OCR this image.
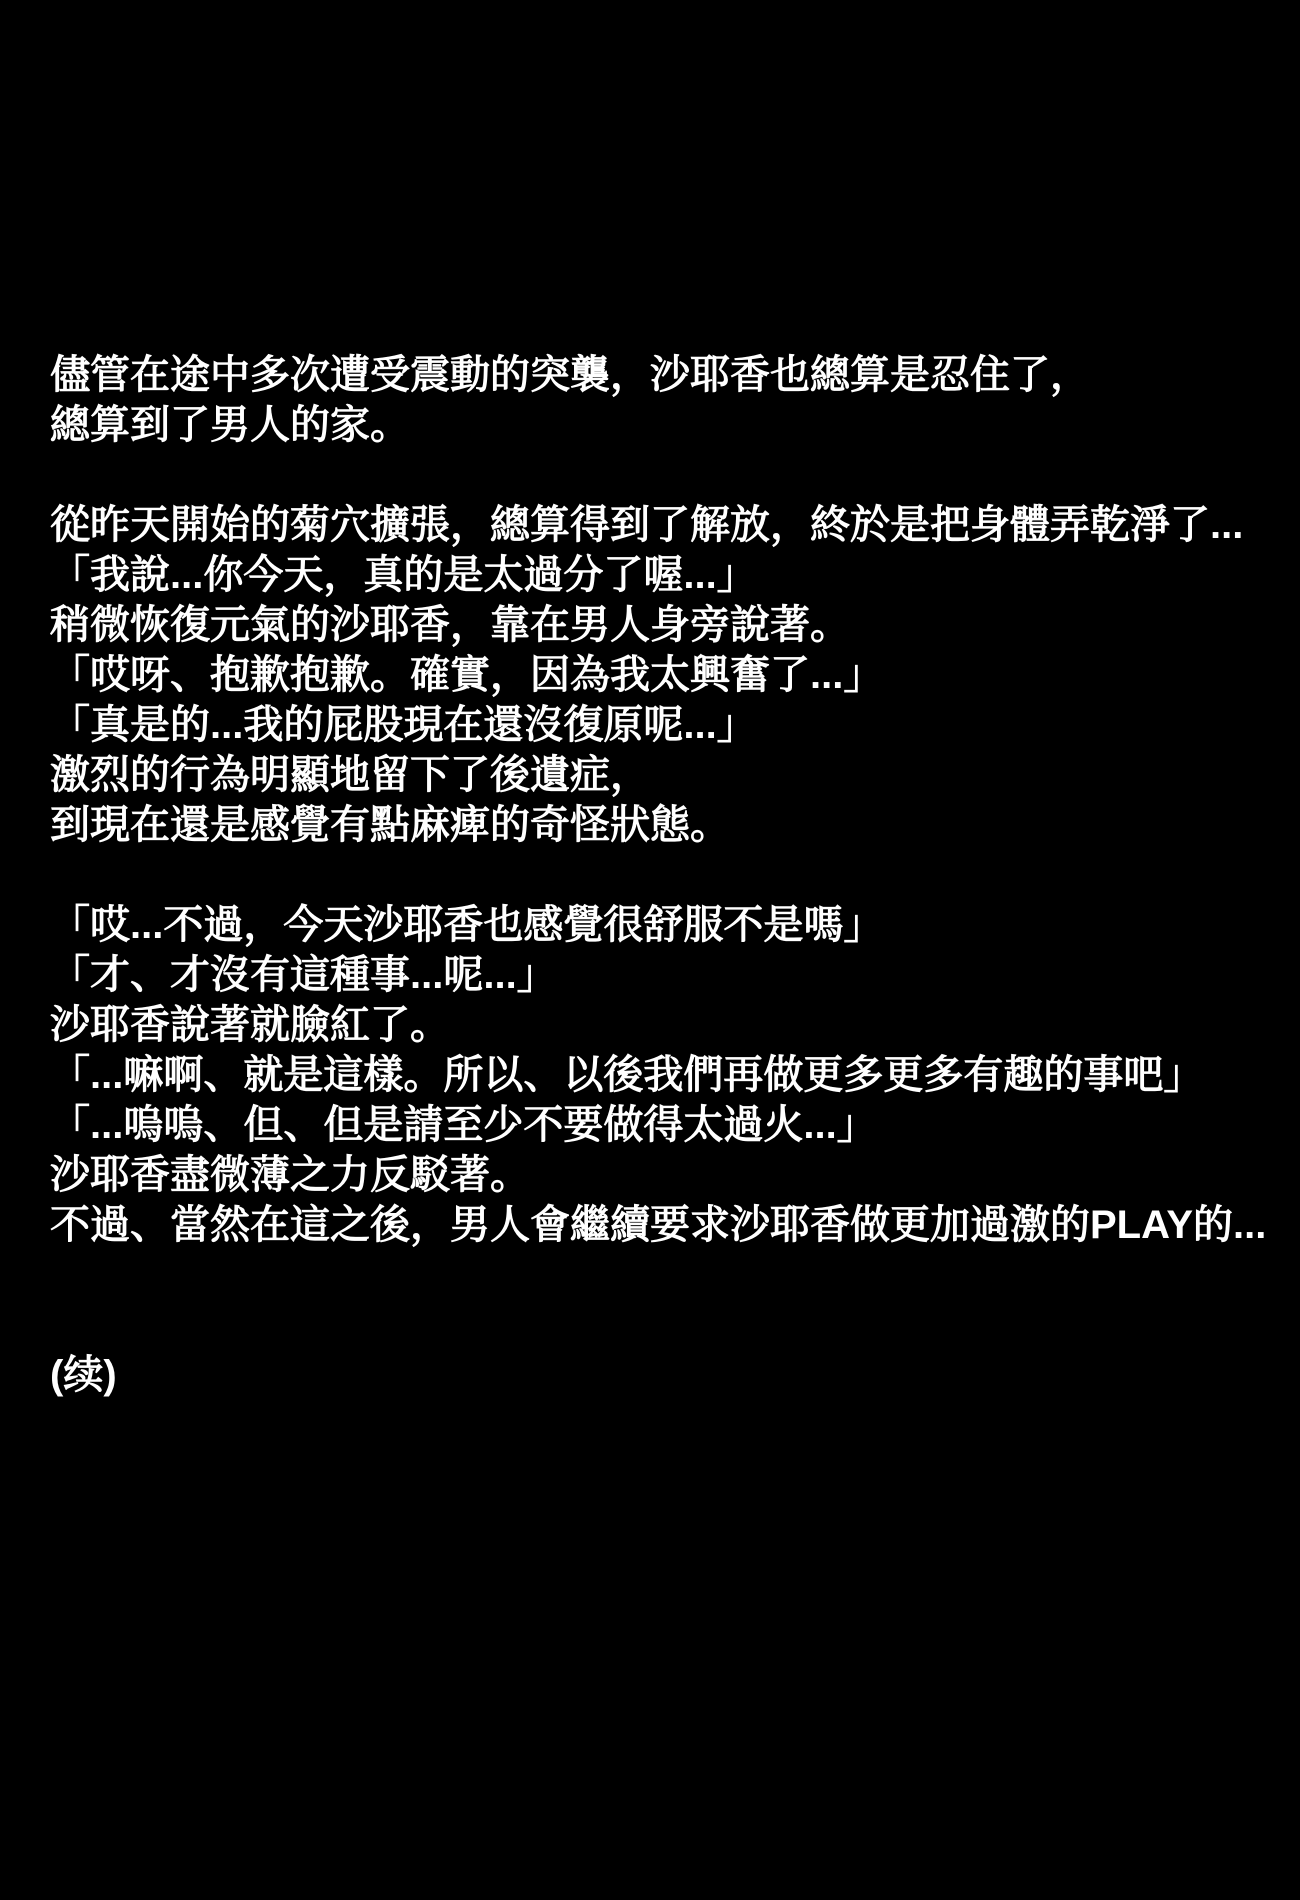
儘管在途中多次遭受震動的突襲，沙耶香也總算是忍住了，
總算到了男人的家。
從昨天開始的菊穴擴張，總算得到了解放，終於是把身體弄乾淨了...
「我說...你今天，真的是太過分了喔...」
稍微恢復元氣的沙耶香，靠在男人身旁說著。
「哎呀、抱歉抱歉。確實，因為我太興奮了...」
「真是的...我的屁股現在還沒復原呢...」
激烈的行為明顯地留下了後遺症，
到現在還是感覺有點麻痺的奇怪狀態。
「哎...不過，今天沙耶香也感覺很舒服不是嗎」
「才、才沒有這種事...呢...」
沙耶香說著就臉紅了。
「...嘛啊、就是這樣。所以、以後我們再做更多更多有趣的事吧」
「...嗚嗚、但、但是請至少不要做得太過火...」
沙耶香盡微薄之力反駁著。
不過、當然在這之後，男人會繼續要求沙耶香做更加過激的PLAY的...
(续)
